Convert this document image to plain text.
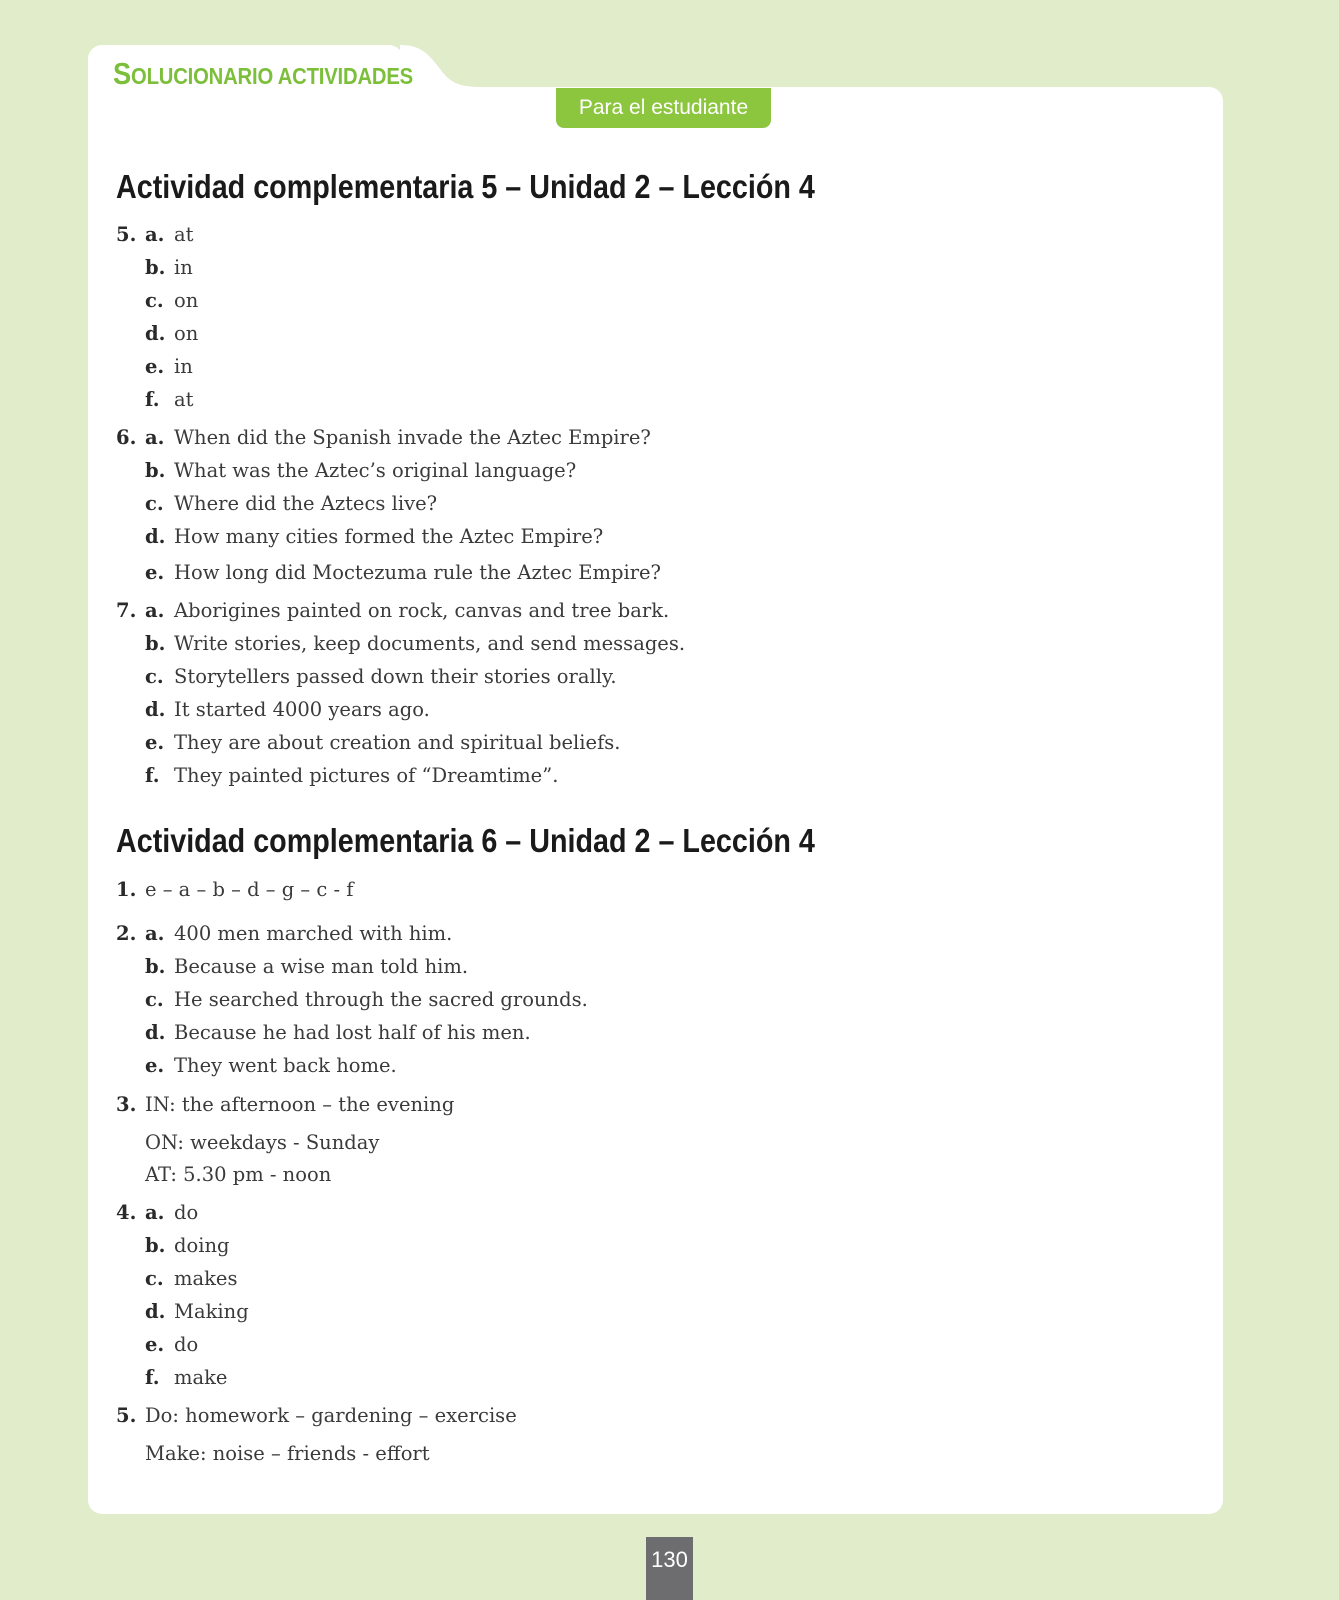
SOLUCIONARIO ACTIVIDADES
Para el estudiante
Actividad complementaria 5 – Unidad 2 – Lección 4
5. a. at
b. in
c. on
d. on
e. in
f. at
6. a. When did the Spanish invade the Aztec Empire?
b. What was the Aztec’s original language?
c. Where did the Aztecs live?
d. How many cities formed the Aztec Empire?
e. How long did Moctezuma rule the Aztec Empire?
7. a. Aborigines painted on rock, canvas and tree bark.
b. Write stories, keep documents, and send messages.
c. Storytellers passed down their stories orally.
d. It started 4000 years ago.
e. They are about creation and spiritual beliefs.
f. They painted pictures of “Dreamtime”.
Actividad complementaria 6 – Unidad 2 – Lección 4
1. e – a – b – d – g – c - f
2. a. 400 men marched with him.
b. Because a wise man told him.
c. He searched through the sacred grounds.
d. Because he had lost half of his men.
e. They went back home.
3. IN: the afternoon – the evening
ON: weekdays - Sunday
AT: 5.30 pm - noon
4. a. do
b. doing
c. makes
d. Making
e. do
f. make
5. Do: homework – gardening – exercise
Make: noise – friends - effort
130
